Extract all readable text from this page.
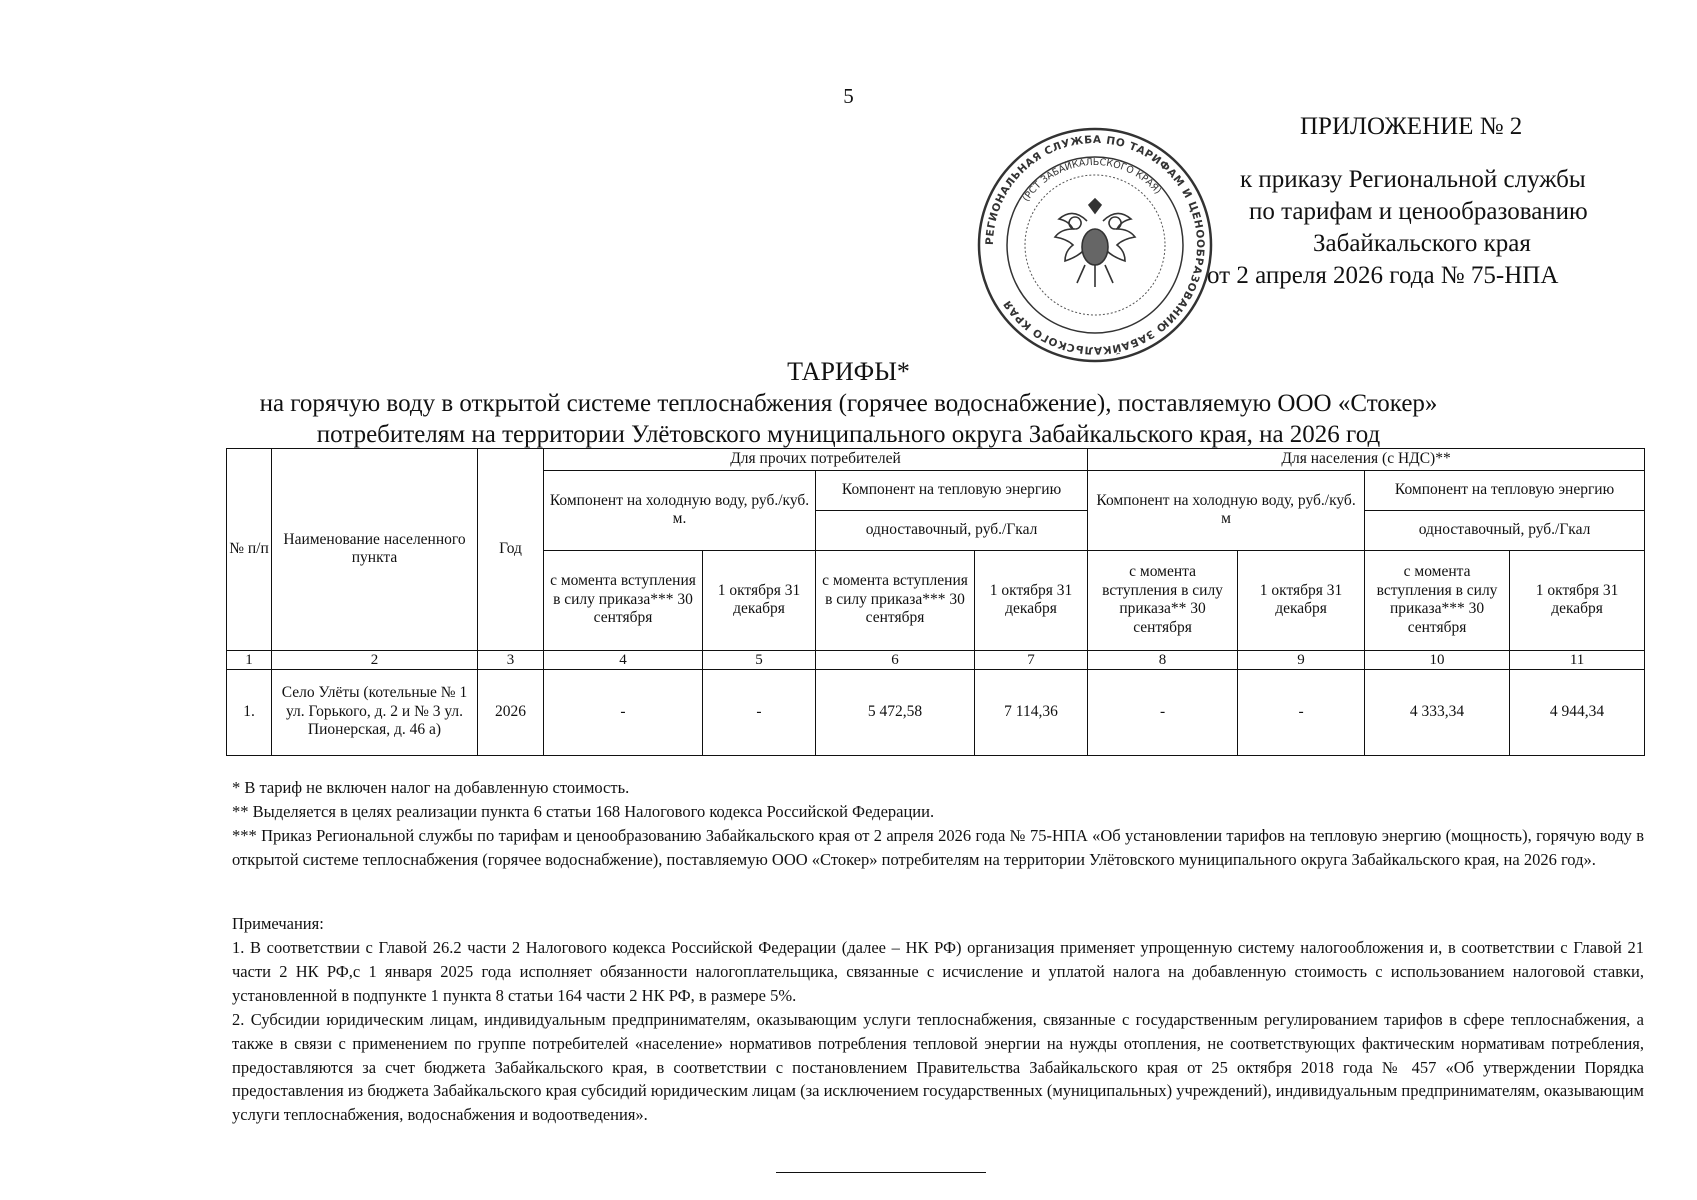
5
ПРИЛОЖЕНИЕ № 2
к приказу Региональной службы
по тарифам и ценообразованию
Забайкальского края
от 2 апреля 2026 года № 75-НПА
РЕГИОНАЛЬНАЯ СЛУЖБА ПО ТАРИФАМ И ЦЕНООБРАЗОВАНИЮ ЗАБАЙКАЛЬСКОГО КРАЯ
(РСТ ЗАБАЙКАЛЬСКОГО КРАЯ)
ТАРИФЫ*
на горячую воду в открытой системе теплоснабжения (горячее водоснабжение), поставляемую ООО «Стокер»
потребителям на территории Улётовского муниципального округа Забайкальского края, на 2026 год
№ п/п	Наименование населенного пункта	Год	Для прочих потребителей				Для населения (с НДС)**			
			Компонент на холодную воду, руб./куб. м.		Компонент на тепловую энергию		Компонент на холодную воду, руб./куб. м		Компонент на тепловую энергию	
					одноставочный, руб./Гкал				одноставочный, руб./Гкал	
			с момента вступления в силу приказа*** 30 сентября	1 октября 31 декабря	с момента вступления в силу приказа*** 30 сентября	1 октября 31 декабря	с момента вступления в силу приказа** 30 сентября	1 октября 31 декабря	с момента вступления в силу приказа*** 30 сентября	1 октября 31 декабря
1	2	3	4	5	6	7	8	9	10	11
1.	Село Улёты (котельные № 1 ул. Горького, д. 2 и № 3 ул. Пионерская, д. 46 а)	2026	-	-	5 472,58	7 114,36	-	-	4 333,34	4 944,34
* В тариф не включен налог на добавленную стоимость.
** Выделяется в целях реализации пункта 6 статьи 168 Налогового кодекса Российской Федерации.
*** Приказ Региональной службы по тарифам и ценообразованию Забайкальского края от 2 апреля 2026 года № 75-НПА «Об установлении тарифов на тепловую энергию (мощность), горячую воду в открытой системе теплоснабжения (горячее водоснабжение), поставляемую ООО «Стокер» потребителям на территории Улётовского муниципального округа Забайкальского края, на 2026 год».
Примечания:
1. В соответствии с Главой 26.2 части 2 Налогового кодекса Российской Федерации (далее – НК РФ) организация применяет упрощенную систему налогообложения и, в соответствии с Главой 21 части 2 НК РФ,с 1 января 2025 года исполняет обязанности налогоплательщика, связанные с исчисление и уплатой налога на добавленную стоимость с использованием налоговой ставки, установленной в подпункте 1 пункта 8 статьи 164 части 2 НК РФ, в размере 5%.
2. Субсидии юридическим лицам, индивидуальным предпринимателям, оказывающим услуги теплоснабжения, связанные с государственным регулированием тарифов в сфере теплоснабжения, а также в связи с применением по группе потребителей «население» нормативов потребления тепловой энергии на нужды отопления, не соответствующих фактическим нормативам потребления, предоставляются за счет бюджета Забайкальского края, в соответствии с постановлением Правительства Забайкальского края от 25 октября 2018 года № 457 «Об утверждении Порядка предоставления из бюджета Забайкальского края субсидий юридическим лицам (за исключением государственных (муниципальных) учреждений), индивидуальным предпринимателям, оказывающим услуги теплоснабжения, водоснабжения и водоотведения».
